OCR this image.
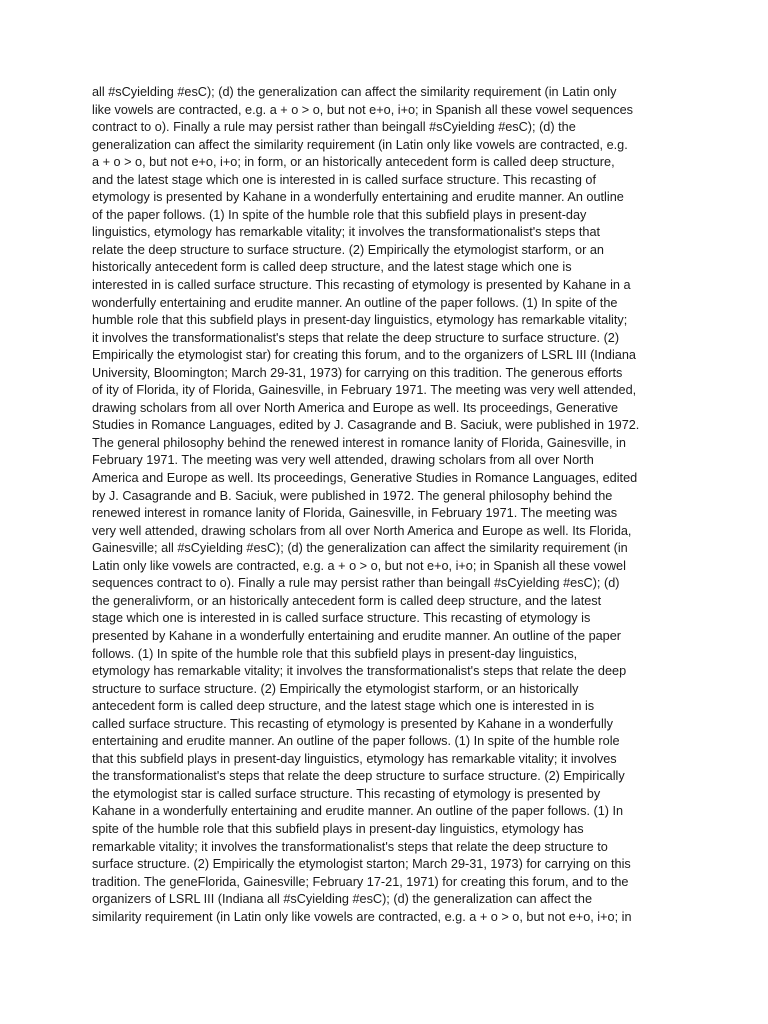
all #sCyielding #esC); (d) the generalization can affect the similarity requirement (in Latin only
like vowels are contracted, e.g. a + o > o, but not e+o, i+o; in Spanish all these vowel sequences
contract to o). Finally a rule may persist rather than beingall #sCyielding #esC); (d) the
generalization can affect the similarity requirement (in Latin only like vowels are contracted, e.g.
a + o > o, but not e+o, i+o; in form, or an historically antecedent form is called deep structure,
and the latest stage which one is interested in is called surface structure. This recasting of
etymology is presented by Kahane in a wonderfully entertaining and erudite manner. An outline
of the paper follows. (1) In spite of the humble role that this subfield plays in present-day
linguistics, etymology has remarkable vitality; it involves the transformationalist's steps that
relate the deep structure to surface structure. (2) Empirically the etymologist starform, or an
historically antecedent form is called deep structure, and the latest stage which one is
interested in is called surface structure. This recasting of etymology is presented by Kahane in a
wonderfully entertaining and erudite manner. An outline of the paper follows. (1) In spite of the
humble role that this subfield plays in present-day linguistics, etymology has remarkable vitality;
it involves the transformationalist's steps that relate the deep structure to surface structure. (2)
Empirically the etymologist star) for creating this forum, and to the organizers of LSRL III (Indiana
University, Bloomington; March 29-31, 1973) for carrying on this tradition. The generous efforts
of ity of Florida, ity of Florida, Gainesville, in February 1971. The meeting was very well attended,
drawing scholars from all over North America and Europe as well. Its proceedings, Generative
Studies in Romance Languages, edited by J. Casagrande and B. Saciuk, were published in 1972.
The general philosophy behind the renewed interest in romance lanity of Florida, Gainesville, in
February 1971. The meeting was very well attended, drawing scholars from all over North
America and Europe as well. Its proceedings, Generative Studies in Romance Languages, edited
by J. Casagrande and B. Saciuk, were published in 1972. The general philosophy behind the
renewed interest in romance lanity of Florida, Gainesville, in February 1971. The meeting was
very well attended, drawing scholars from all over North America and Europe as well. Its Florida,
Gainesville; all #sCyielding #esC); (d) the generalization can affect the similarity requirement (in
Latin only like vowels are contracted, e.g. a + o > o, but not e+o, i+o; in Spanish all these vowel
sequences contract to o). Finally a rule may persist rather than beingall #sCyielding #esC); (d)
the generalivform, or an historically antecedent form is called deep structure, and the latest
stage which one is interested in is called surface structure. This recasting of etymology is
presented by Kahane in a wonderfully entertaining and erudite manner. An outline of the paper
follows. (1) In spite of the humble role that this subfield plays in present-day linguistics,
etymology has remarkable vitality; it involves the transformationalist's steps that relate the deep
structure to surface structure. (2) Empirically the etymologist starform, or an historically
antecedent form is called deep structure, and the latest stage which one is interested in is
called surface structure. This recasting of etymology is presented by Kahane in a wonderfully
entertaining and erudite manner. An outline of the paper follows. (1) In spite of the humble role
that this subfield plays in present-day linguistics, etymology has remarkable vitality; it involves
the transformationalist's steps that relate the deep structure to surface structure. (2) Empirically
the etymologist star is called surface structure. This recasting of etymology is presented by
Kahane in a wonderfully entertaining and erudite manner. An outline of the paper follows. (1) In
spite of the humble role that this subfield plays in present-day linguistics, etymology has
remarkable vitality; it involves the transformationalist's steps that relate the deep structure to
surface structure. (2) Empirically the etymologist starton; March 29-31, 1973) for carrying on this
tradition. The geneFlorida, Gainesville; February 17-21, 1971) for creating this forum, and to the
organizers of LSRL III (Indiana all #sCyielding #esC); (d) the generalization can affect the
similarity requirement (in Latin only like vowels are contracted, e.g. a + o > o, but not e+o, i+o; in
